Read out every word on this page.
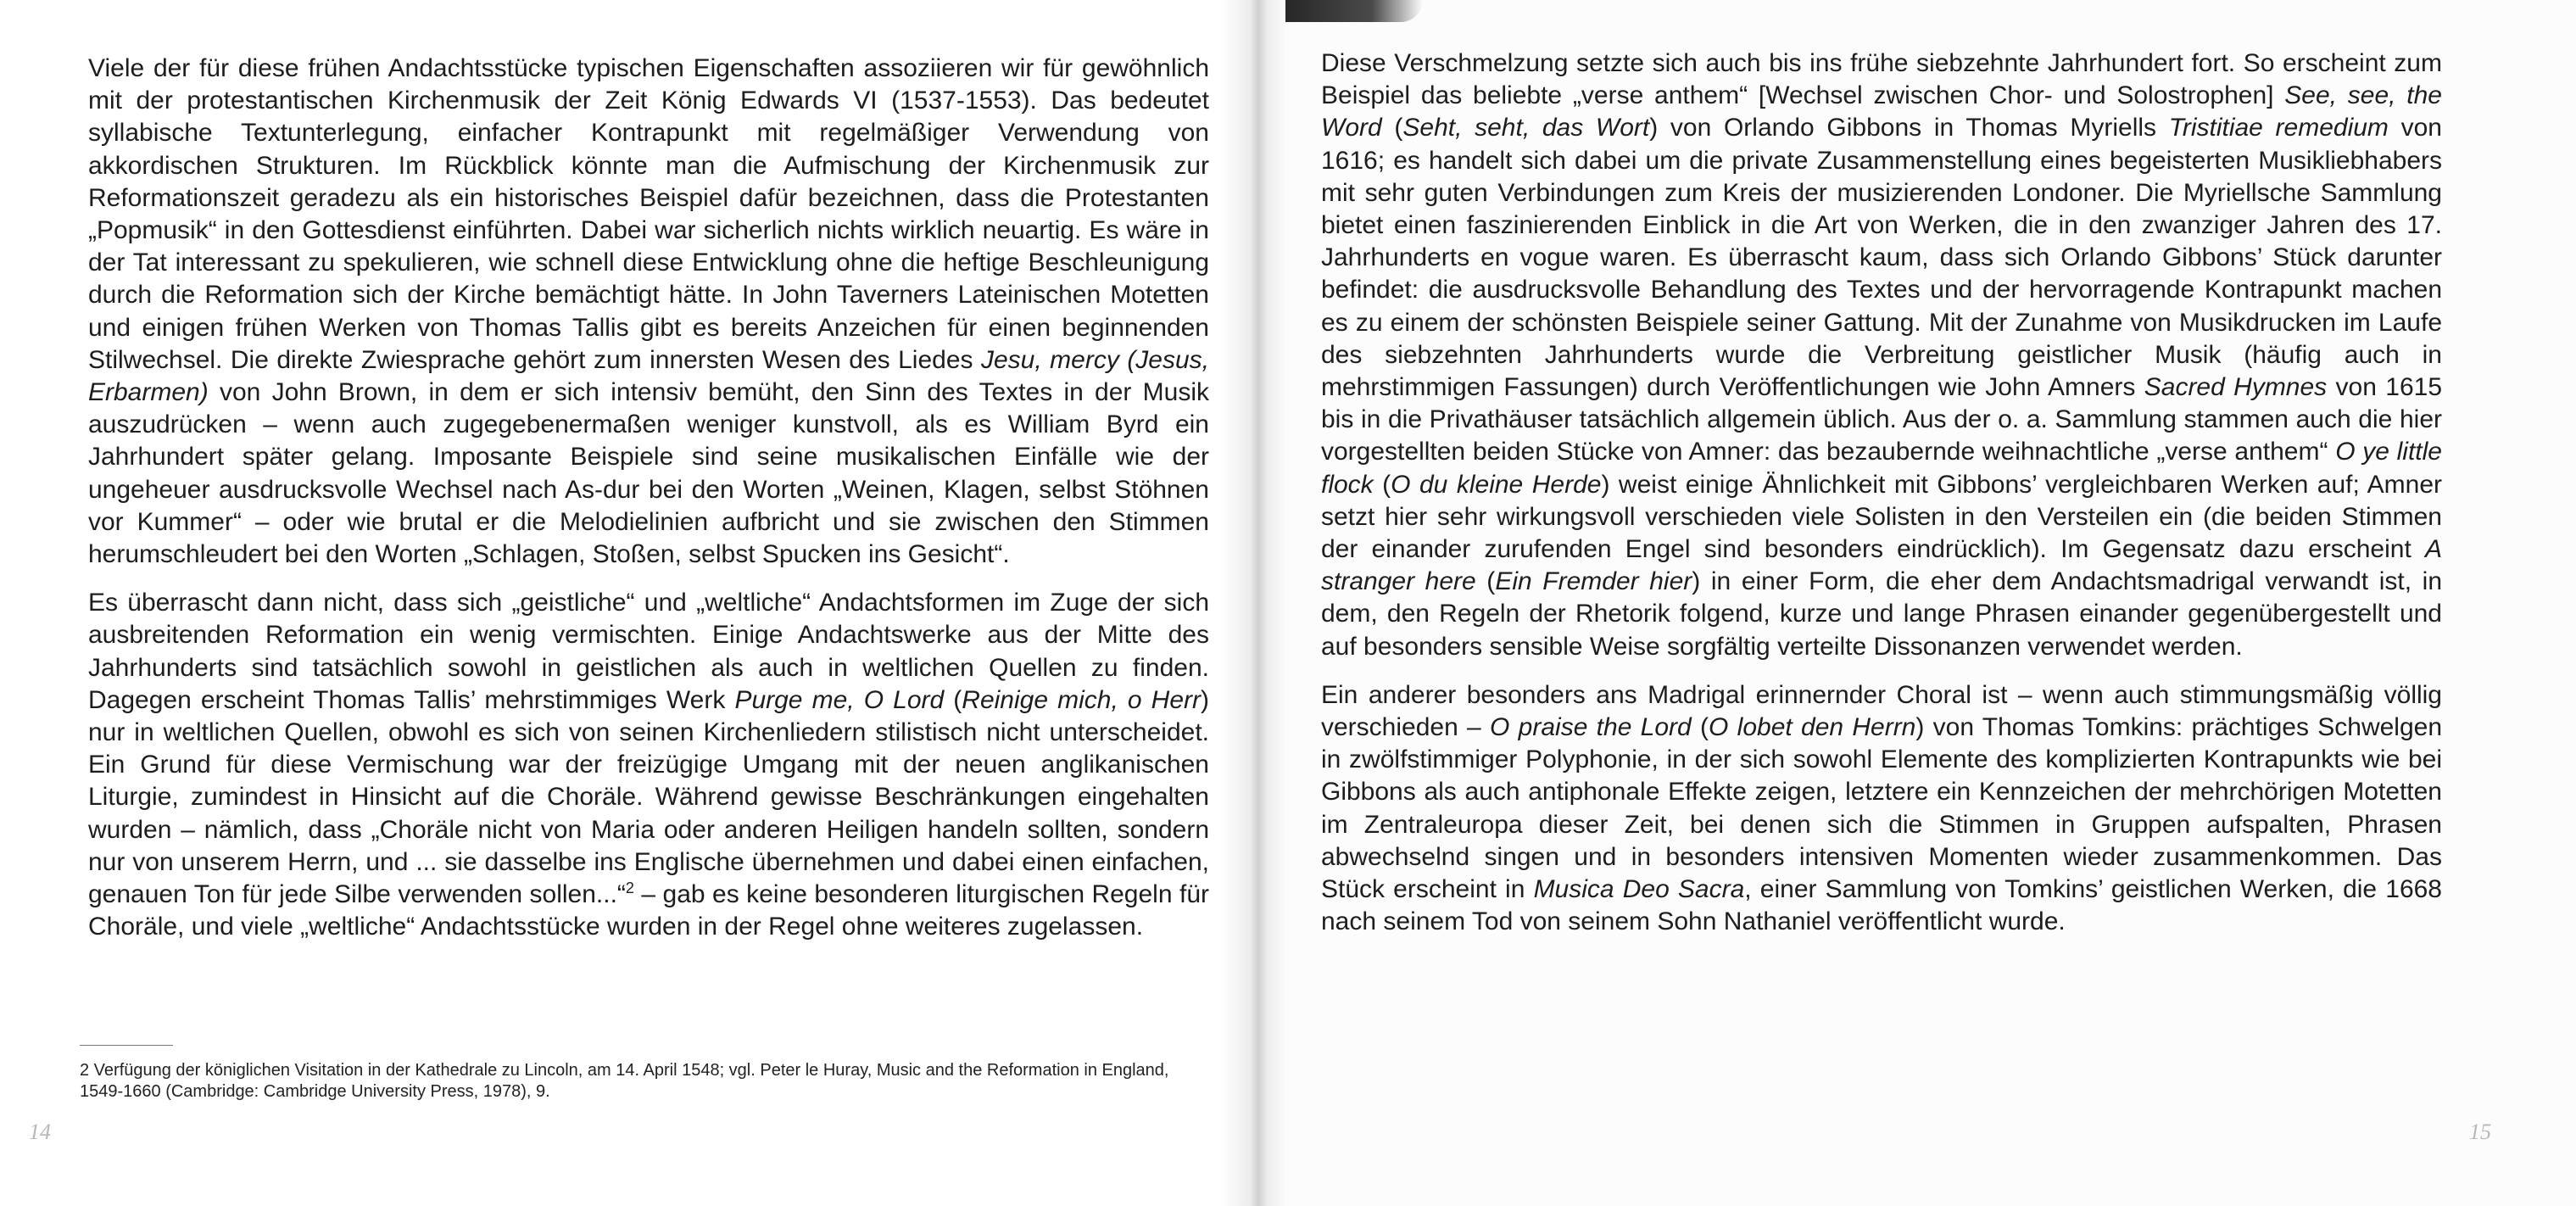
Viele der für diese frühen Andachtsstücke typischen Eigenschaften assoziieren wir für gewöhnlich mit der protestantischen Kirchenmusik der Zeit König Edwards VI (1537-1553). Das bedeutet syllabische Textunterlegung, einfacher Kontrapunkt mit regelmäßiger Verwendung von akkordischen Strukturen. Im Rückblick könnte man die Aufmischung der Kirchenmusik zur Reformationszeit geradezu als ein historisches Beispiel dafür bezeichnen, dass die Protestanten „Popmusik“ in den Gottesdienst einführten. Dabei war sicherlich nichts wirklich neuartig. Es wäre in der Tat interessant zu spekulieren, wie schnell diese Entwicklung ohne die heftige Beschleunigung durch die Reformation sich der Kirche bemächtigt hätte. In John Taverners Lateinischen Motetten und einigen frühen Werken von Thomas Tallis gibt es bereits Anzeichen für einen beginnenden Stilwechsel. Die direkte Zwiesprache gehört zum innersten Wesen des Liedes Jesu, mercy (Jesus, Erbarmen) von John Brown, in dem er sich intensiv bemüht, den Sinn des Textes in der Musik auszudrücken – wenn auch zugegebenermaßen weniger kunstvoll, als es William Byrd ein Jahrhundert später gelang. Imposante Beispiele sind seine musikalischen Einfälle wie der ungeheuer ausdrucksvolle Wechsel nach As-dur bei den Worten „Weinen, Klagen, selbst Stöhnen vor Kummer“ – oder wie brutal er die Melodielinien aufbricht und sie zwischen den Stimmen herumschleudert bei den Worten „Schlagen, Stoßen, selbst Spucken ins Gesicht“.

Es überrascht dann nicht, dass sich „geistliche“ und „weltliche“ Andachtsformen im Zuge der sich ausbreitenden Reformation ein wenig vermischten. Einige Andachtswerke aus der Mitte des Jahrhunderts sind tatsächlich sowohl in geistlichen als auch in weltlichen Quellen zu finden. Dagegen erscheint Thomas Tallis’ mehrstimmiges Werk Purge me, O Lord (Reinige mich, o Herr) nur in weltlichen Quellen, obwohl es sich von seinen Kirchenliedern stilistisch nicht unterscheidet. Ein Grund für diese Vermischung war der freizügige Umgang mit der neuen anglikanischen Liturgie, zumindest in Hinsicht auf die Choräle. Während gewisse Beschränkungen eingehalten wurden – nämlich, dass „Choräle nicht von Maria oder anderen Heiligen handeln sollten, sondern nur von unserem Herrn, und ... sie dasselbe ins Englische übernehmen und dabei einen einfachen, genauen Ton für jede Silbe verwenden sollen...“$^2$ – gab es keine besonderen liturgischen Regeln für Choräle, und viele „weltliche“ Andachtsstücke wurden in der Regel ohne weiteres zugelassen.

2 Verfügung der königlichen Visitation in der Kathedrale zu Lincoln, am 14. April 1548; vgl. Peter le Huray, Music and the Reformation in England, 1549-1660 (Cambridge: Cambridge University Press, 1978), 9.
14

Diese Verschmelzung setzte sich auch bis ins frühe siebzehnte Jahrhundert fort. So erscheint zum Beispiel das beliebte „verse anthem“ [Wechsel zwischen Chor- und Solostrophen] See, see, the Word (Seht, seht, das Wort) von Orlando Gibbons in Thomas Myriells Tristitiae remedium von 1616; es handelt sich dabei um die private Zusammenstellung eines begeisterten Musikliebhabers mit sehr guten Verbindungen zum Kreis der musizierenden Londoner. Die Myriellsche Sammlung bietet einen faszinierenden Einblick in die Art von Werken, die in den zwanziger Jahren des 17. Jahrhunderts en vogue waren. Es überrascht kaum, dass sich Orlando Gibbons’ Stück darunter befindet: die ausdrucksvolle Behandlung des Textes und der hervorragende Kontrapunkt machen es zu einem der schönsten Beispiele seiner Gattung. Mit der Zunahme von Musikdrucken im Laufe des siebzehnten Jahrhunderts wurde die Verbreitung geistlicher Musik (häufig auch in mehrstimmigen Fassungen) durch Veröffentlichungen wie John Amners Sacred Hymnes von 1615 bis in die Privathäuser tatsächlich allgemein üblich. Aus der o. a. Sammlung stammen auch die hier vorgestellten beiden Stücke von Amner: das bezaubernde weihnachtliche „verse anthem“ O ye little flock (O du kleine Herde) weist einige Ähnlichkeit mit Gibbons’ vergleichbaren Werken auf; Amner setzt hier sehr wirkungsvoll verschieden viele Solisten in den Versteilen ein (die beiden Stimmen der einander zurufenden Engel sind besonders eindrücklich). Im Gegensatz dazu erscheint A stranger here (Ein Fremder hier) in einer Form, die eher dem Andachtsmadrigal verwandt ist, in dem, den Regeln der Rhetorik folgend, kurze und lange Phrasen einander gegenübergestellt und auf besonders sensible Weise sorgfältig verteilte Dissonanzen verwendet werden.

Ein anderer besonders ans Madrigal erinnernder Choral ist – wenn auch stimmungsmäßig völlig verschieden – O praise the Lord (O lobet den Herrn) von Thomas Tomkins: prächtiges Schwelgen in zwölfstimmiger Polyphonie, in der sich sowohl Elemente des komplizierten Kontrapunkts wie bei Gibbons als auch antiphonale Effekte zeigen, letztere ein Kennzeichen der mehrchörigen Motetten im Zentraleuropa dieser Zeit, bei denen sich die Stimmen in Gruppen aufspalten, Phrasen abwechselnd singen und in besonders intensiven Momenten wieder zusammenkommen. Das Stück erscheint in Musica Deo Sacra, einer Sammlung von Tomkins’ geistlichen Werken, die 1668 nach seinem Tod von seinem Sohn Nathaniel veröffentlicht wurde.

15
